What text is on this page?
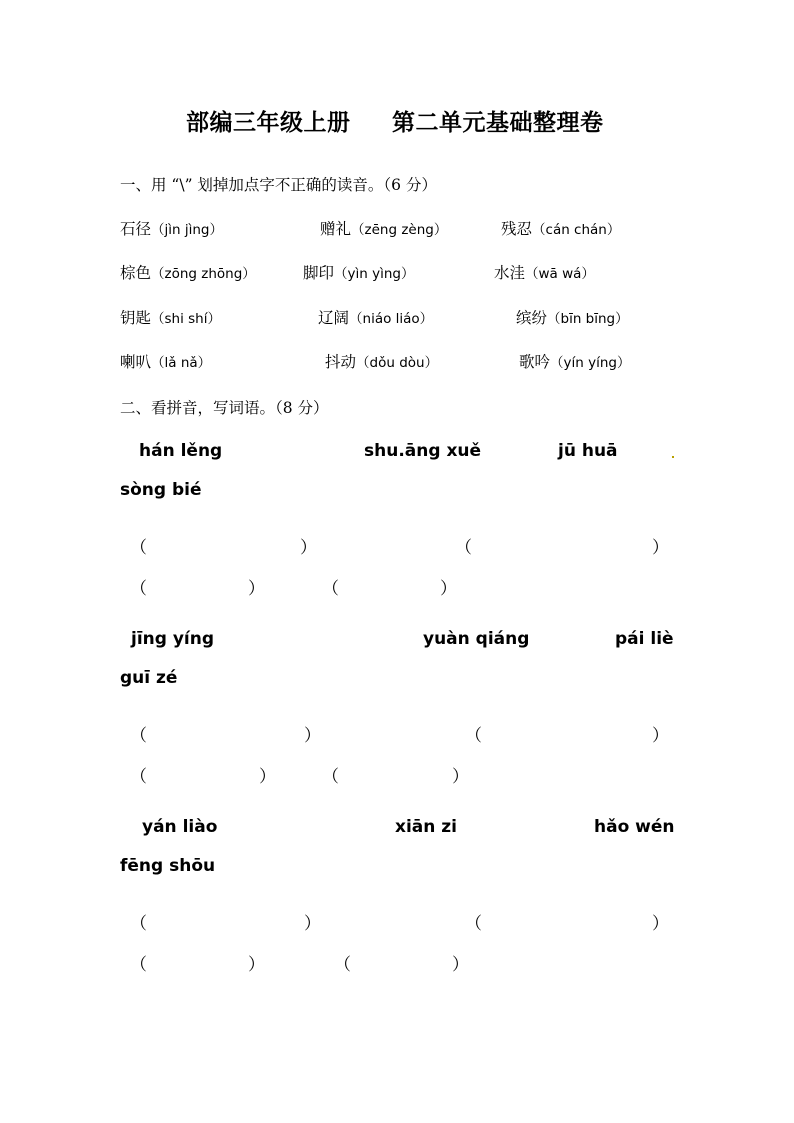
部编三年级上册 第二单元基础整理卷
一、用 “\” 划掉加点字不正确的读音。（6 分）
石径（jìn jìng）	赠礼（zēng zèng）	残忍（cán chán）
棕色（zōng zhōng）	脚印（yìn yìng）	水洼（wā wá）
钥匙（shi shí）	辽阔（niáo liáo）	缤纷（bīn bīng）
喇叭（lǎ nǎ）	抖动（dǒu dòu）	歌吟（yín yíng）
二、看拼音，写词语。（8 分）
hán lěng	shu.āng xuě	jū huā
sòng bié
（	）	（	）
（	）	（	）
jīng yíng	yuàn qiáng	pái liè
guī zé
（	）	（	）
（	）	（	）
yán liào	xiān zi	hǎo wén
fēng shōu
（	）	（	）
（	）	（	）
